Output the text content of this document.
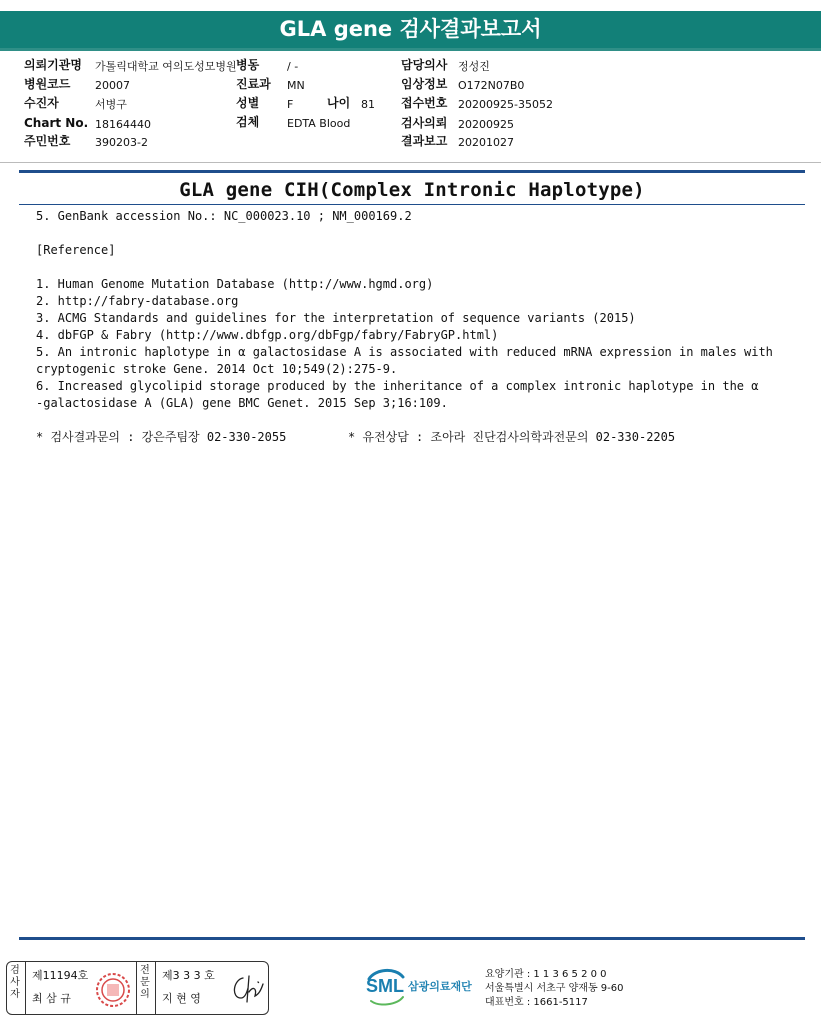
GLA gene 검사결과보고서
의뢰기관명 가톨릭대학교 여의도성모병원 병동	/ -	담당의사 정성진
병원코드 20007	진료과 MN	임상정보 O172N07B0
수진자	서병구	성별	F	나이 81 접수번호 20200925-35052
Chart No. 18164440	검체	EDTA Blood	검사의뢰 20200925
주민번호 390203-2	결과보고 20201027
GLA gene CIH(Complex Intronic Haplotype)
5. GenBank accession No.: NC_000023.10 ; NM_000169.2
[Reference]
1. Human Genome Mutation Database (http://www.hgmd.org)
2. http://fabry-database.org
3. ACMG Standards and guidelines for the interpretation of sequence variants (2015)
4. dbFGP & Fabry (http://www.dbfgp.org/dbFgp/fabry/FabryGP.html)
5. An intronic haplotype in α galactosidase A is associated with reduced mRNA expression in males with
cryptogenic stroke Gene. 2014 Oct 10;549(2):275-9.
6. Increased glycolipid storage produced by the inheritance of a complex intronic haplotype in the α
-galactosidase A (GLA) gene BMC Genet. 2015 Sep 3;16:109.
* 검사결과문의 : 강은주팀장 02-330-2055	* 유전상담 : 조아라 진단검사의학과전문의 02-330-2205
검사자
제11194호
최 삼 규
전문의
제3 3 3 호
지 현 영
SML 삼광의료재단
요양기관 : 1 1 3 6 5 2 0 0
서울특별시 서초구 양재동 9-60
대표번호 : 1661-5117
